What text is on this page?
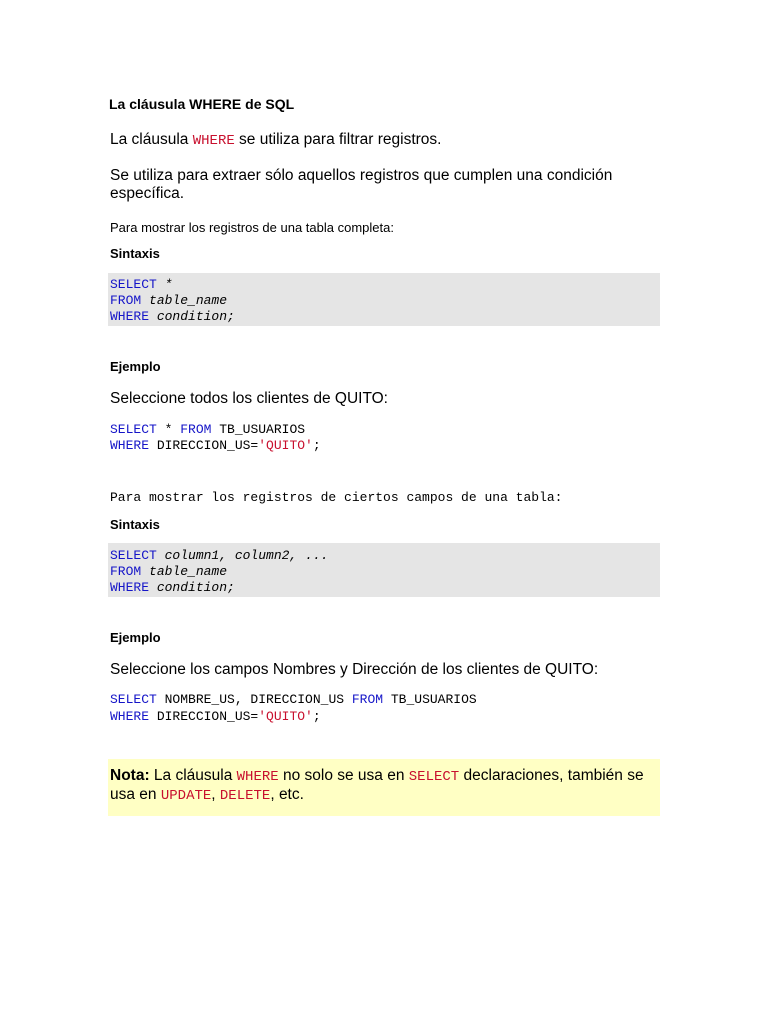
La cláusula WHERE de SQL
La cláusula WHERE se utiliza para filtrar registros.
Se utiliza para extraer sólo aquellos registros que cumplen una condición específica.
Para mostrar los registros de una tabla completa:
Sintaxis
SELECT *
FROM table_name
WHERE condition;
Ejemplo
Seleccione todos los clientes de QUITO:
SELECT * FROM TB_USUARIOS
WHERE DIRECCION_US='QUITO';
Para mostrar los registros de ciertos campos de una tabla:
Sintaxis
SELECT column1, column2, ...
FROM table_name
WHERE condition;
Ejemplo
Seleccione los campos Nombres y Dirección de los clientes de QUITO:
SELECT NOMBRE_US, DIRECCION_US FROM TB_USUARIOS
WHERE DIRECCION_US='QUITO';
Nota: La cláusula WHERE no solo se usa en SELECT declaraciones, también se usa en UPDATE, DELETE, etc.
